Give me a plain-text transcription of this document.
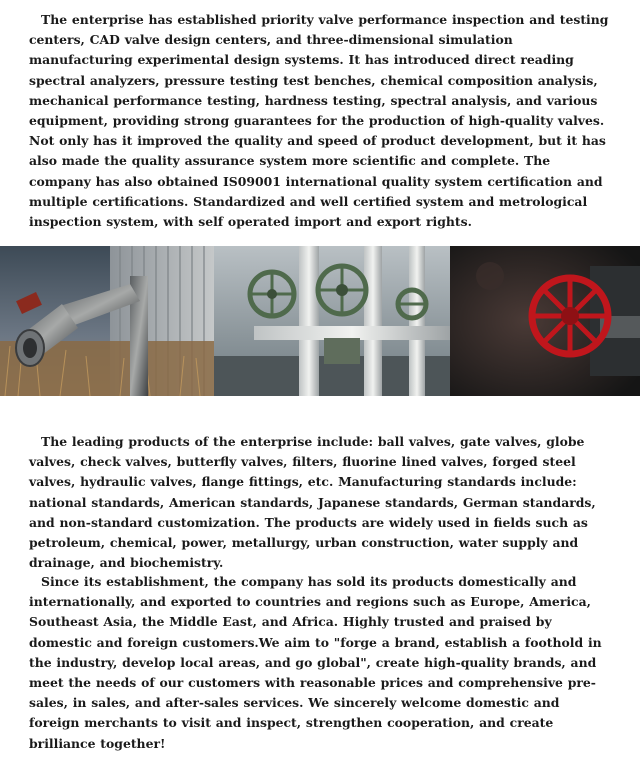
The enterprise has established priority valve performance inspection and testing centers, CAD valve design centers, and three-dimensional simulation manufacturing experimental design systems. It has introduced direct reading spectral analyzers, pressure testing test benches, chemical composition analysis, mechanical performance testing, hardness testing, spectral analysis, and various equipment, providing strong guarantees for the production of high-quality valves. Not only has it improved the quality and speed of product development, but it has also made the quality assurance system more scientific and complete. The company has also obtained IS09001 international quality system certification and multiple certifications. Standardized and well certified system and metrological inspection system, with self operated import and export rights.

The leading products of the enterprise include: ball valves, gate valves, globe valves, check valves, butterfly valves, filters, fluorine lined valves, forged steel valves, hydraulic valves, flange fittings, etc. Manufacturing standards include: national standards, American standards, Japanese standards, German standards, and non-standard customization. The products are widely used in fields such as petroleum, chemical, power, metallurgy, urban construction, water supply and drainage, and biochemistry.

Since its establishment, the company has sold its products domestically and internationally, and exported to countries and regions such as Europe, America, Southeast Asia, the Middle East, and Africa. Highly trusted and praised by domestic and foreign customers.We aim to "forge a brand, establish a foothold in the industry, develop local areas, and go global", create high-quality brands, and meet the needs of our customers with reasonable prices and comprehensive pre-sales, in sales, and after-sales services. We sincerely welcome domestic and foreign merchants to visit and inspect, strengthen cooperation, and create brilliance together!
